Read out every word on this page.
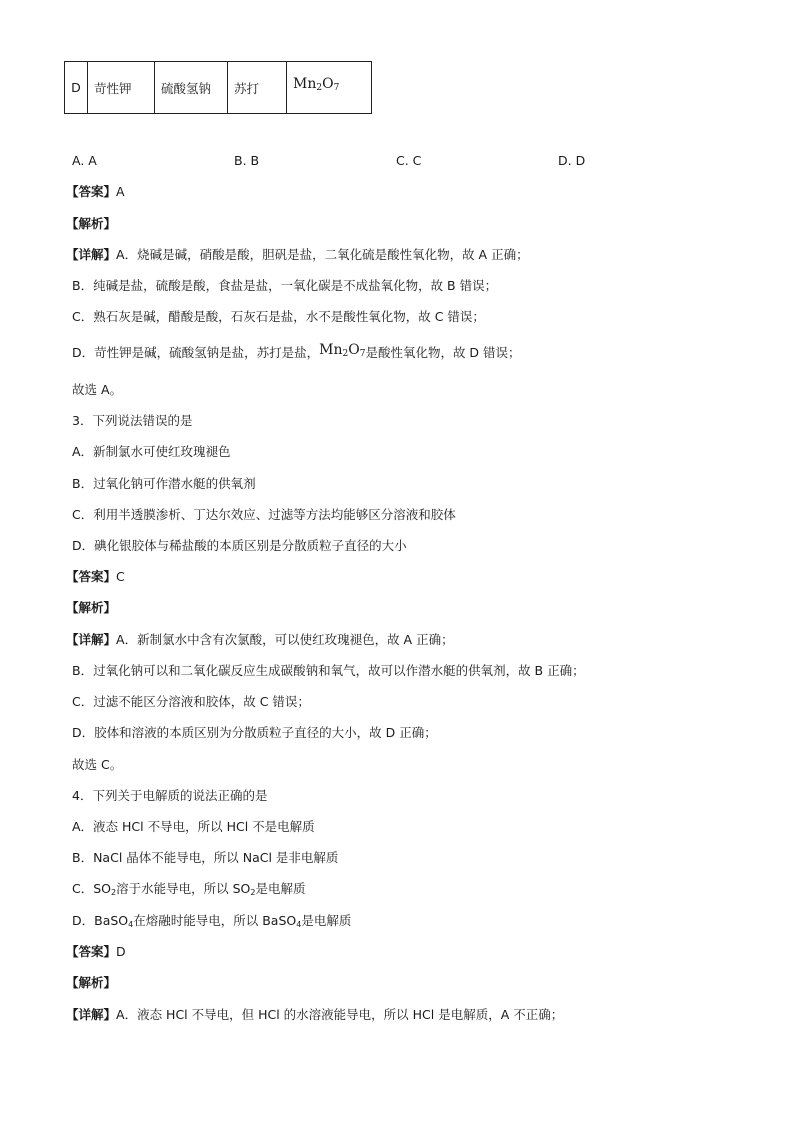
D	苛性钾	硫酸氢钠	苏打	$Mn_2O_7$
A. A	B. B	C. C	D. D
【答案】A
【解析】
【详解】A．烧碱是碱，硝酸是酸，胆矾是盐，二氧化硫是酸性氧化物，故 A 正确；
B．纯碱是盐，硫酸是酸，食盐是盐，一氧化碳是不成盐氧化物，故 B 错误；
C．熟石灰是碱，醋酸是酸，石灰石是盐，水不是酸性氧化物，故 C 错误；
D．苛性钾是碱，硫酸氢钠是盐，苏打是盐，$Mn_2O_7$是酸性氧化物，故 D 错误；
故选 A。
3．下列说法错误的是
A．新制氯水可使红玫瑰褪色
B．过氧化钠可作潜水艇的供氧剂
C．利用半透膜渗析、丁达尔效应、过滤等方法均能够区分溶液和胶体
D．碘化银胶体与稀盐酸的本质区别是分散质粒子直径的大小
【答案】C
【解析】
【详解】A．新制氯水中含有次氯酸，可以使红玫瑰褪色，故 A 正确；
B．过氧化钠可以和二氧化碳反应生成碳酸钠和氧气，故可以作潜水艇的供氧剂，故 B 正确；
C．过滤不能区分溶液和胶体，故 C 错误；
D．胶体和溶液的本质区别为分散质粒子直径的大小，故 D 正确；
故选 C。
4．下列关于电解质的说法正确的是
A．液态 HCl 不导电，所以 HCl 不是电解质
B．NaCl 晶体不能导电，所以 NaCl 是非电解质
C．$SO_2$溶于水能导电，所以 $SO_2$是电解质
D．BaSO$_4$在熔融时能导电，所以 BaSO$_4$是电解质
【答案】D
【解析】
【详解】A．液态 HCl 不导电，但 HCl 的水溶液能导电，所以 HCl 是电解质，A 不正确；
